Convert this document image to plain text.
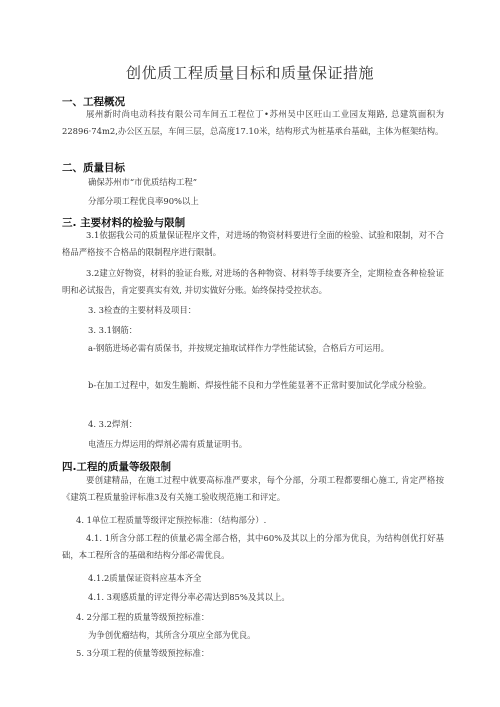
创优质工程质量目标和质量保证措施
一、工程概况
展州新时尚电动科技有限公司车间五工程位丁•苏州吴中区旺山工业园友翔路, 总建筑面积为22896·74m2,办公区五层，车间三层，总高度17.10米，结构形式为桩基承台基础，主体为框架结构。
二、质量目标
确保苏州市“市优质结构工程”
分部分项工程优良率90%以上
三. 主要材料的检验与限制
3.1依据我公司的质量保证程序文件，对进场的物资材料要进行全面的检验、试验和限制，对不合格品严格按不合格品的限制程序进行限制。
3.2建立好物资，材料的验证台账, 对进场的各种物资、材料等手续要齐全，定期检查各种检验证明和必试报告，肯定要真实有效, 并切实做好分账。始终保持受控状态。
3. 3检查的主要材料及项目：
3. 3.1钢筋：
a-钢筋进场必需有质保书，并按规定抽取试样作力学性能试验，合格后方可运用。
b-在加工过程中，如发生脆断、焊接性能不良和力学性能显著不正常时要加试化学成分检验。
4. 3.2焊剂：
电渣压力焊运用的焊剂必需有质量证明书。
四.工程的质量等级限制
要创建精品，在施工过程中就要高标准严要求，每个分部，分项工程都要细心施工, 肯定严格按《建筑工程质量验评标准3及有关施工验收规范施工和评定。
4. 1单位工程质量等级评定预控标准：（结构部分）.
4.1. 1所含分部工程的侦量必需全部合格，其中60%及其以上的分部为优良，为结构创优打好基础，本工程所含的基础和结构分部必需优良。
4.1.2质量保证资料应基本齐全
4.1. 3观感质量的评定得分率必需达到85%及其以上。
4. 2分部工程的质量等级预控标准：
为争创优瘤结构，其所含分项应全部为优良。
5. 3分项工程的侦量等级预控标准：
